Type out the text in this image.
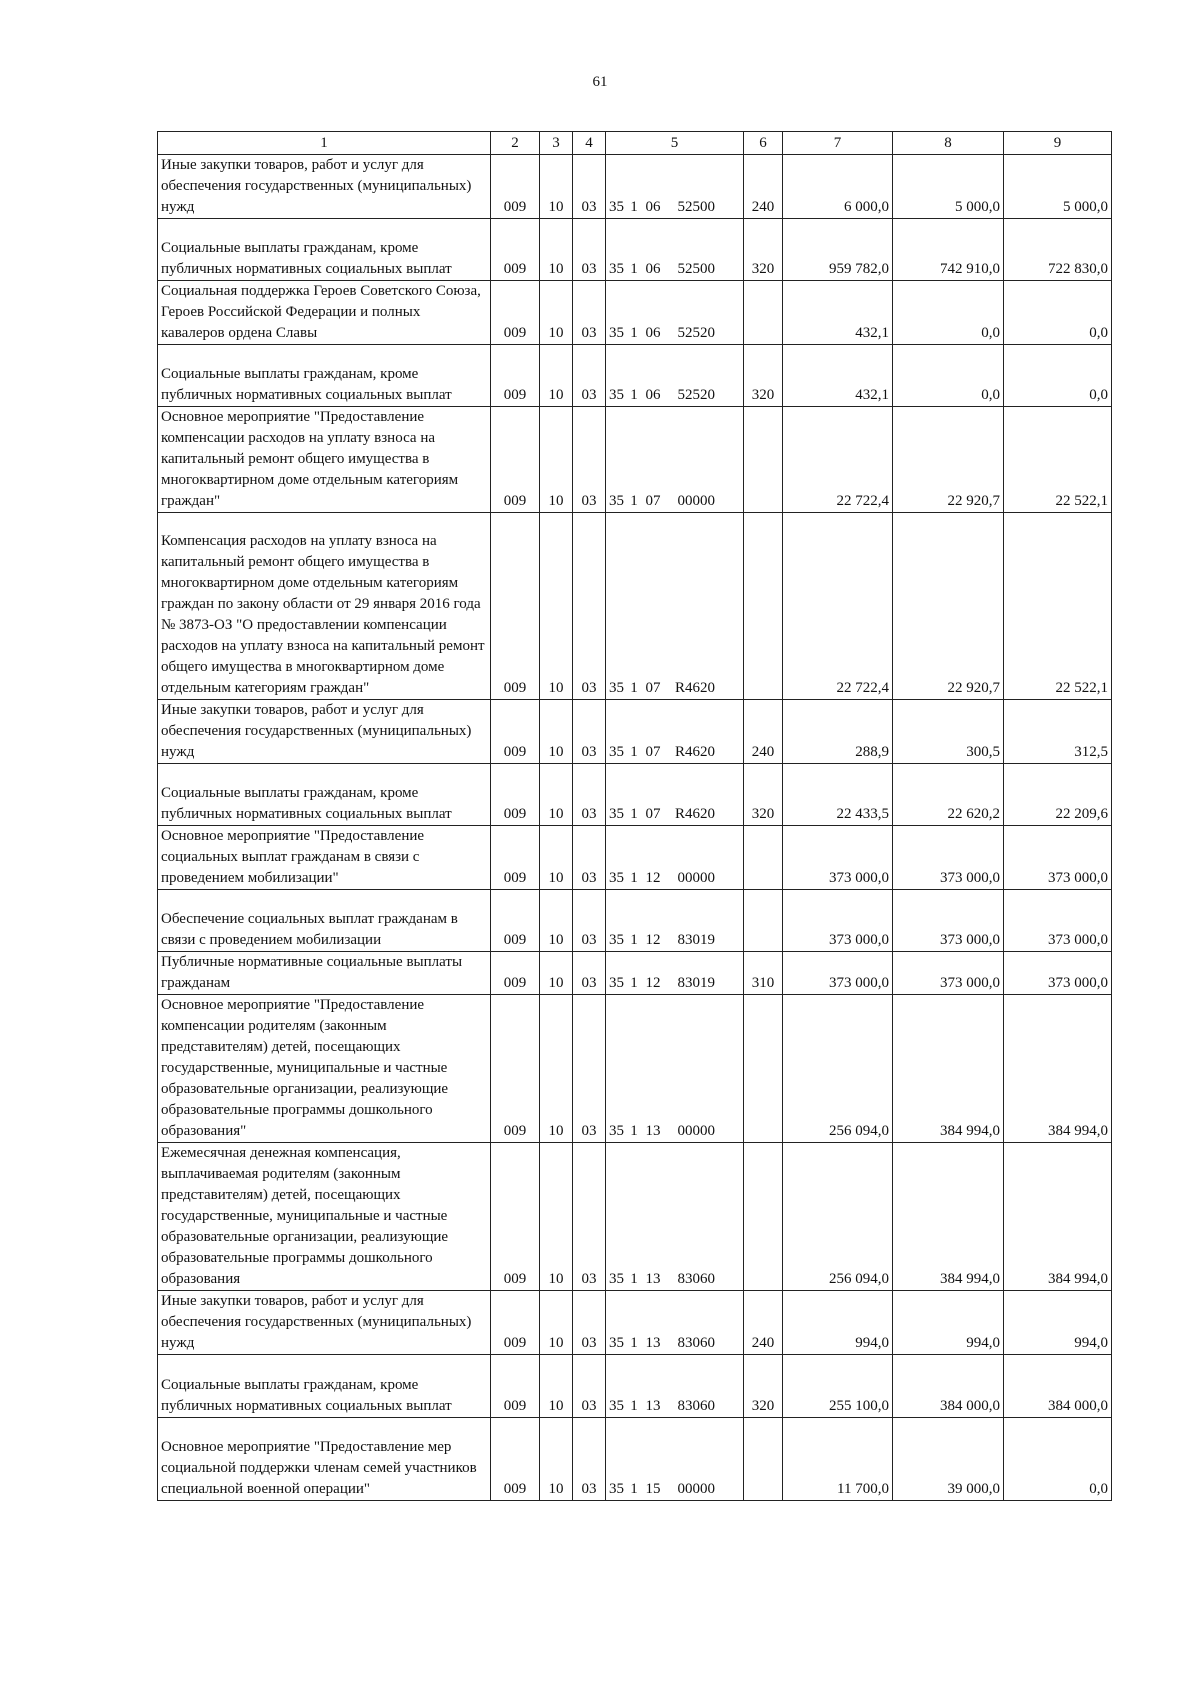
61
1	2	3	4	5	6	7	8	9
Иные закупки товаров, работ и услуг для обеспечения государственных (муниципальных) нужд	009	10	03	35 1 06 52500	240	6 000,0	5 000,0	5 000,0
Социальные выплаты гражданам, кроме публичных нормативных социальных выплат	009	10	03	35 1 06 52500	320	959 782,0	742 910,0	722 830,0
Социальная поддержка Героев Советского Союза, Героев Российской Федерации и полных кавалеров ордена Славы	009	10	03	35 1 06 52520		432,1	0,0	0,0
Социальные выплаты гражданам, кроме публичных нормативных социальных выплат	009	10	03	35 1 06 52520	320	432,1	0,0	0,0
Основное мероприятие "Предоставление компенсации расходов на уплату взноса на капитальный ремонт общего имущества в многоквартирном доме отдельным категориям граждан"	009	10	03	35 1 07 00000		22 722,4	22 920,7	22 522,1
Компенсация расходов на уплату взноса на капитальный ремонт общего имущества в многоквартирном доме отдельным категориям граждан по закону области от 29 января 2016 года № 3873-ОЗ "О предоставлении компенсации расходов на уплату взноса на капитальный ремонт общего имущества в многоквартирном доме отдельным категориям граждан"	009	10	03	35 1 07 R4620		22 722,4	22 920,7	22 522,1
Иные закупки товаров, работ и услуг для обеспечения государственных (муниципальных) нужд	009	10	03	35 1 07 R4620	240	288,9	300,5	312,5
Социальные выплаты гражданам, кроме публичных нормативных социальных выплат	009	10	03	35 1 07 R4620	320	22 433,5	22 620,2	22 209,6
Основное мероприятие "Предоставление социальных выплат гражданам в связи с проведением мобилизации"	009	10	03	35 1 12 00000		373 000,0	373 000,0	373 000,0
Обеспечение социальных выплат гражданам в связи с проведением мобилизации	009	10	03	35 1 12 83019		373 000,0	373 000,0	373 000,0
Публичные нормативные социальные выплаты гражданам	009	10	03	35 1 12 83019	310	373 000,0	373 000,0	373 000,0
Основное мероприятие "Предоставление компенсации родителям (законным представителям) детей, посещающих государственные, муниципальные и частные образовательные организации, реализующие образовательные программы дошкольного образования"	009	10	03	35 1 13 00000		256 094,0	384 994,0	384 994,0
Ежемесячная денежная компенсация, выплачиваемая родителям (законным представителям) детей, посещающих государственные, муниципальные и частные образовательные организации, реализующие образовательные программы дошкольного образования	009	10	03	35 1 13 83060		256 094,0	384 994,0	384 994,0
Иные закупки товаров, работ и услуг для обеспечения государственных (муниципальных) нужд	009	10	03	35 1 13 83060	240	994,0	994,0	994,0
Социальные выплаты гражданам, кроме публичных нормативных социальных выплат	009	10	03	35 1 13 83060	320	255 100,0	384 000,0	384 000,0
Основное мероприятие "Предоставление мер социальной поддержки членам семей участников специальной военной операции"	009	10	03	35 1 15 00000		11 700,0	39 000,0	0,0
